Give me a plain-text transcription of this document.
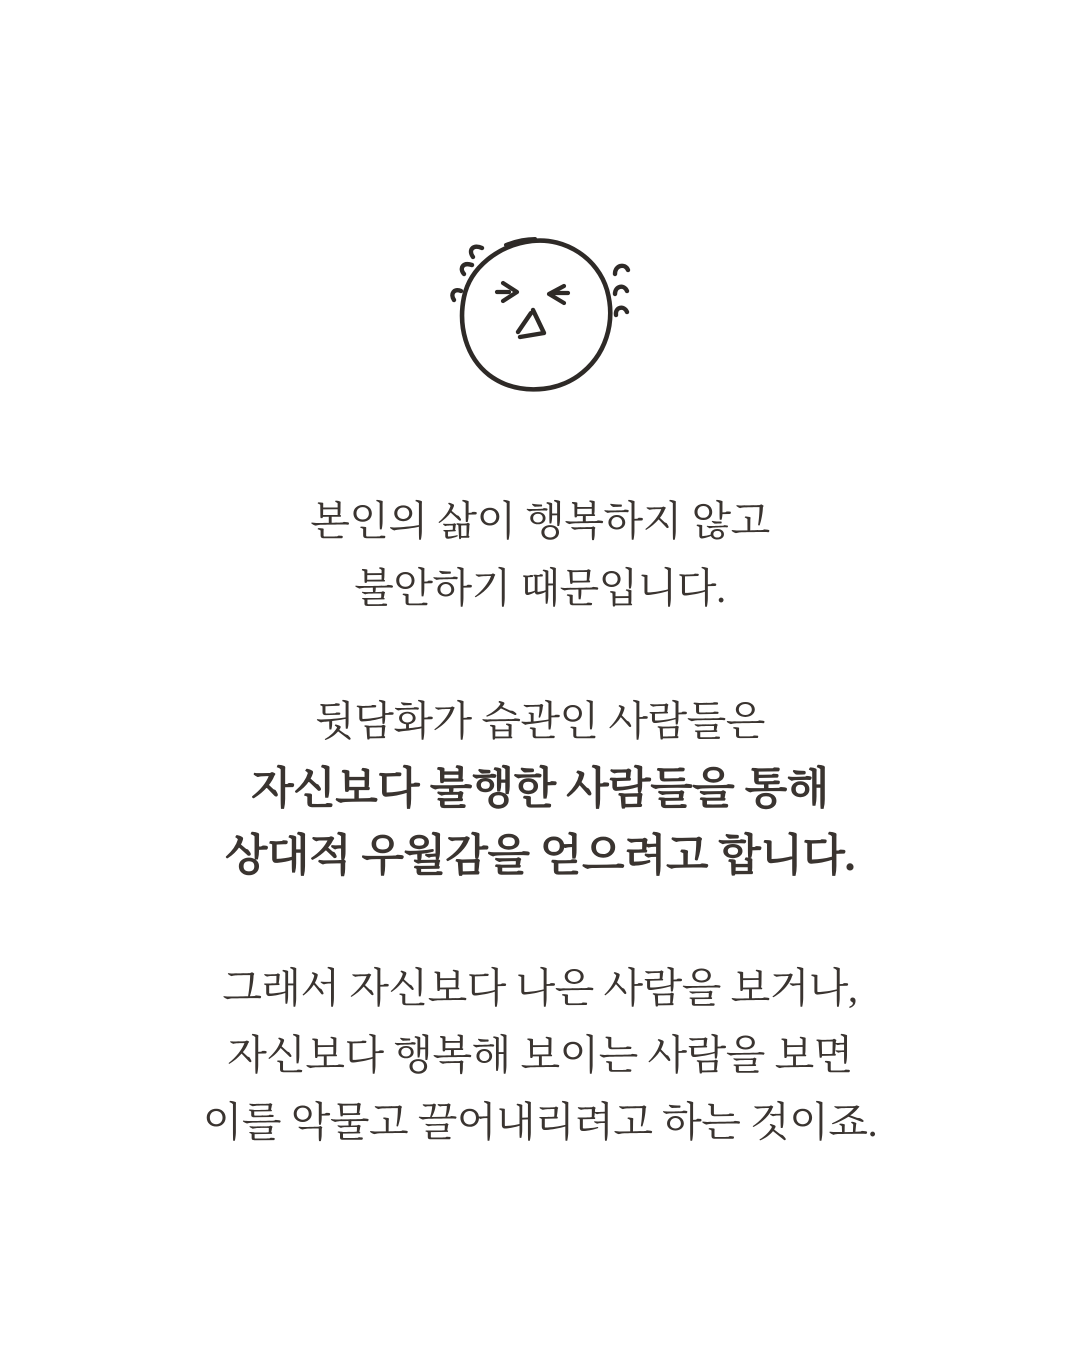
본인의 삶이 행복하지 않고
불안하기 때문입니다.

뒷담화가 습관인 사람들은
자신보다 불행한 사람들을 통해
상대적 우월감을 얻으려고 합니다.

그래서 자신보다 나은 사람을 보거나,
자신보다 행복해 보이는 사람을 보면
이를 악물고 끌어내리려고 하는 것이죠.
